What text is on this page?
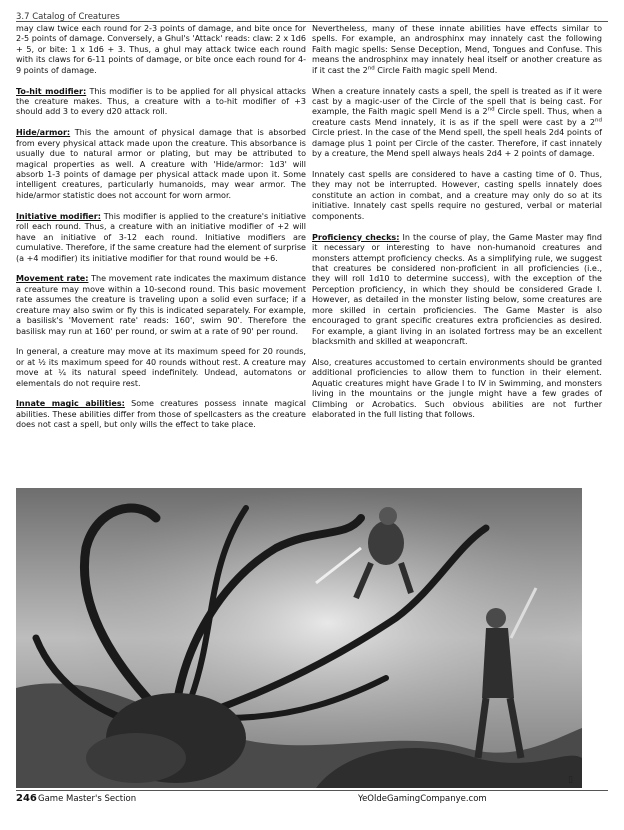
3.7 Catalog of Creatures

may claw twice each round for 2-3 points of damage, and bite once for 2-5 points of damage. Conversely, a Ghul's 'Attack' reads: claw: 2 x 1d6 + 5, or bite: 1 x 1d6 + 3. Thus, a ghul may attack twice each round with its claws for 6-11 points of damage, or bite once each round for 4-9 points of damage.

To-hit modifier: This modifier is to be applied for all physical attacks the creature makes. Thus, a creature with a to-hit modifier of +3 should add 3 to every d20 attack roll.

Hide/armor: This the amount of physical damage that is absorbed from every physical attack made upon the creature. This absorbance is usually due to natural armor or plating, but may be attributed to magical properties as well. A creature with 'Hide/armor: 1d3' will absorb 1-3 points of damage per physical attack made upon it. Some intelligent creatures, particularly humanoids, may wear armor. The hide/armor statistic does not account for worn armor.

Initiative modifier: This modifier is applied to the creature's initiative roll each round. Thus, a creature with an initiative modifier of +2 will have an initiative of 3-12 each round. Initiative modifiers are cumulative. Therefore, if the same creature had the element of surprise (a +4 modifier) its initiative modifier for that round would be +6.

Movement rate: The movement rate indicates the maximum distance a creature may move within a 10-second round. This basic movement rate assumes the creature is traveling upon a solid even surface; if a creature may also swim or fly this is indicated separately. For example, a basilisk's 'Movement rate' reads: 160', swim 90'. Therefore the basilisk may run at 160' per round, or swim at a rate of 90' per round.

In general, a creature may move at its maximum speed for 20 rounds, or at ½ its maximum speed for 40 rounds without rest. A creature may move at ¼ its natural speed indefinitely. Undead, automatons or elementals do not require rest.

Innate magic abilities: Some creatures possess innate magical abilities. These abilities differ from those of spellcasters as the creature does not cast a spell, but only wills the effect to take place.

Nevertheless, many of these innate abilities have effects similar to spells. For example, an androsphinx may innately cast the following Faith magic spells: Sense Deception, Mend, Tongues and Confuse. This means the androsphinx may innately heal itself or another creature as if it cast the 2nd Circle Faith magic spell Mend.

When a creature innately casts a spell, the spell is treated as if it were cast by a magic-user of the Circle of the spell that is being cast. For example, the Faith magic spell Mend is a 2nd Circle spell. Thus, when a creature casts Mend innately, it is as if the spell were cast by a 2nd Circle priest. In the case of the Mend spell, the spell heals 2d4 points of damage plus 1 point per Circle of the caster. Therefore, if cast innately by a creature, the Mend spell always heals 2d4 + 2 points of damage.

Innately cast spells are considered to have a casting time of 0. Thus, they may not be interrupted. However, casting spells innately does constitute an action in combat, and a creature may only do so at its initiative. Innately cast spells require no gestured, verbal or material components.

Proficiency checks: In the course of play, the Game Master may find it necessary or interesting to have non-humanoid creatures and monsters attempt proficiency checks. As a simplifying rule, we suggest that creatures be considered non-proficient in all proficiencies (i.e., they will roll 1d10 to determine success), with the exception of the Perception proficiency, in which they should be considered Grade I. However, as detailed in the monster listing below, some creatures are more skilled in certain proficiencies. The Game Master is also encouraged to grant specific creatures extra proficiencies as desired. For example, a giant living in an isolated fortress may be an excellent blacksmith and skilled at weaponcraft.

Also, creatures accustomed to certain environments should be granted additional proficiencies to allow them to function in their element. Aquatic creatures might have Grade I to IV in Swimming, and monsters living in the mountains or the jungle might have a few grades of Climbing or Acrobatics. Such obvious abilities are not further elaborated in the full listing that follows.

▯
246 Game Master's Section	YeOldeGamingCompanye.com
